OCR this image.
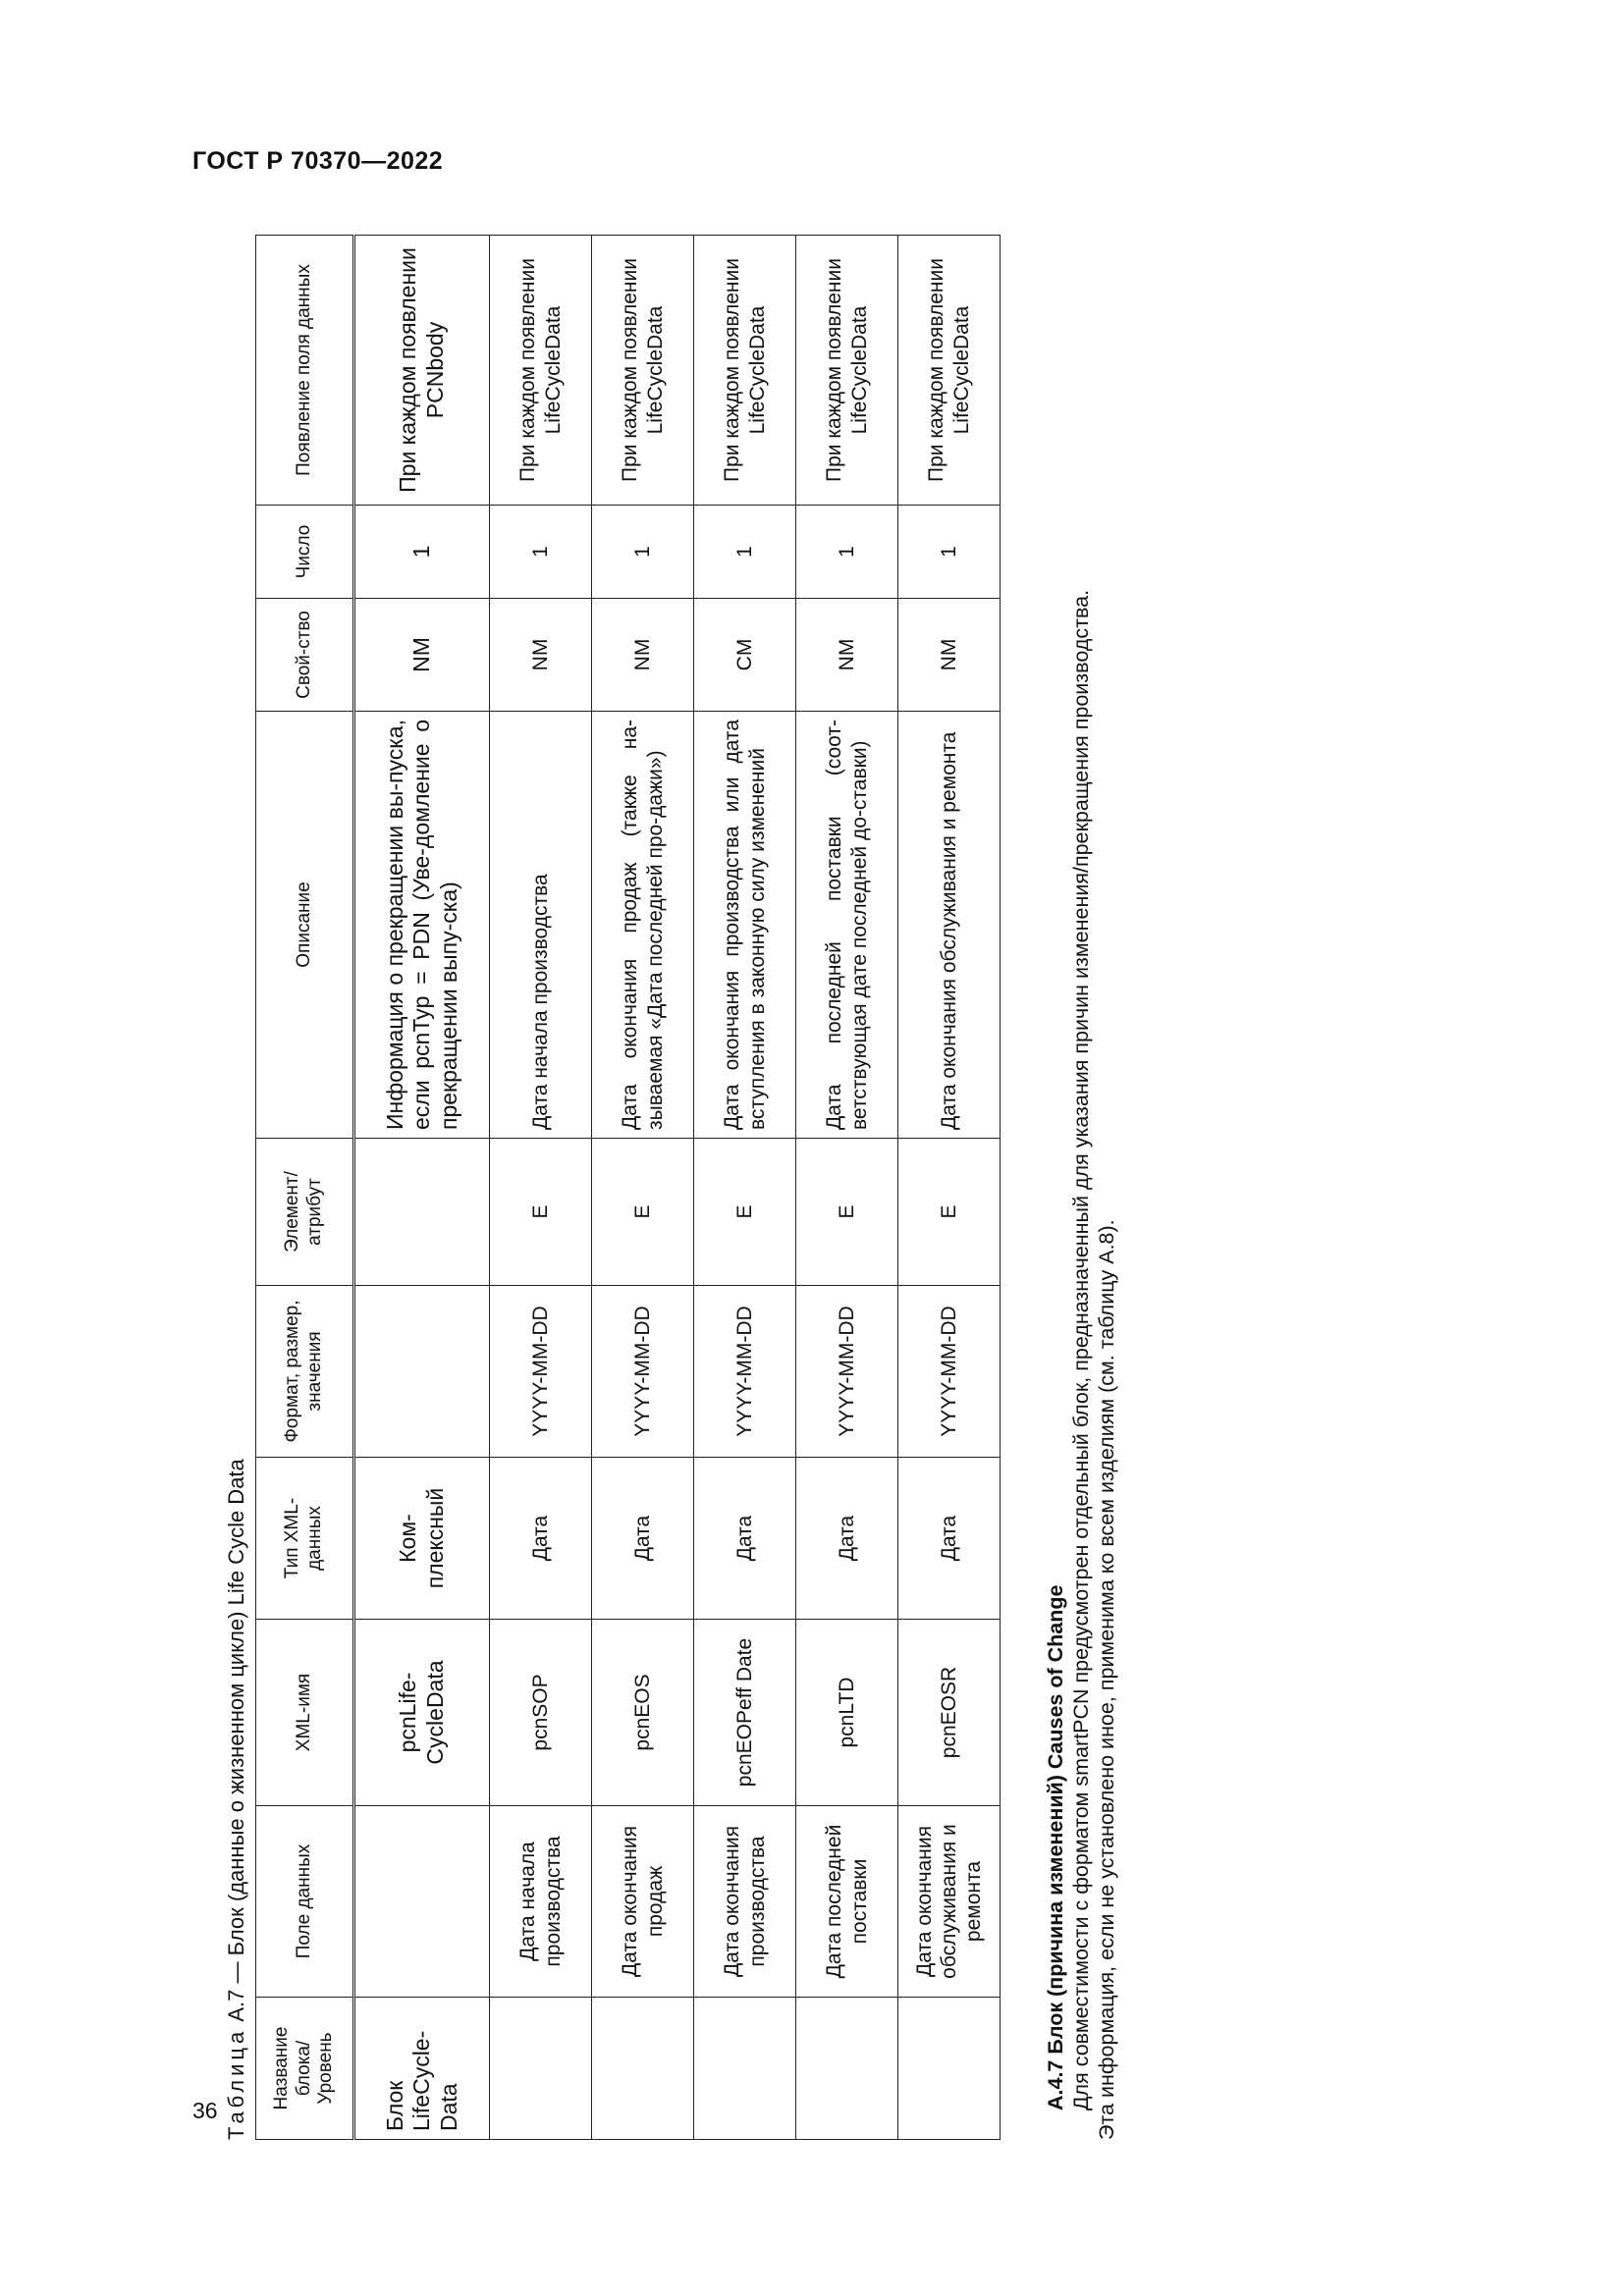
ГОСТ Р 70370—2022
36 Таблица А.7 — Блок (данные о жизненном цикле) Life Cycle Data
Название блока/ Уровень	Поле данных	XML-имя	Тип XML-данных	Формат, размер, значения	Элемент/ атрибут	Описание	Свой-ство	Число	Появление поля данных
Блок LifeCycle-Data		pcnLife-CycleData	Ком-плексный			Информация о прекращении вы-пуска, если pcnTyp = PDN (Уве-домление о прекращении выпу-ска)	NM	1	При каждом появлении PCNbody
	Дата начала производства	pcnSOP	Дата	YYYY-MM-DD	E	Дата начала производства	NM	1	При каждом появлении LifeCycleData
	Дата окончания продаж	pcnEOS	Дата	YYYY-MM-DD	E	Дата окончания продаж (также на-зываемая «Дата последней про-дажи»)	NM	1	При каждом появлении LifeCycleData
	Дата окончания производства	pcnEOPeff Date	Дата	YYYY-MM-DD	E	Дата окончания производства или дата вступления в законную силу изменений	CM	1	При каждом появлении LifeCycleData
	Дата последней поставки	pcnLTD	Дата	YYYY-MM-DD	E	Дата последней поставки (соот-ветствующая дате последней до-ставки)	NM	1	При каждом появлении LifeCycleData
	Дата окончания обслуживания и ремонта	pcnEOSR	Дата	YYYY-MM-DD	E	Дата окончания обслуживания и ремонта	NM	1	При каждом появлении LifeCycleData

А.4.7 Блок (причина изменений) Causes of Change Для совместимости с форматом smartPCN предусмотрен отдельный блок, предназначенный для указания причин изменения/прекращения производства. Эта информация, если не установлено иное, применима ко всем изделиям (см. таблицу А.8).
